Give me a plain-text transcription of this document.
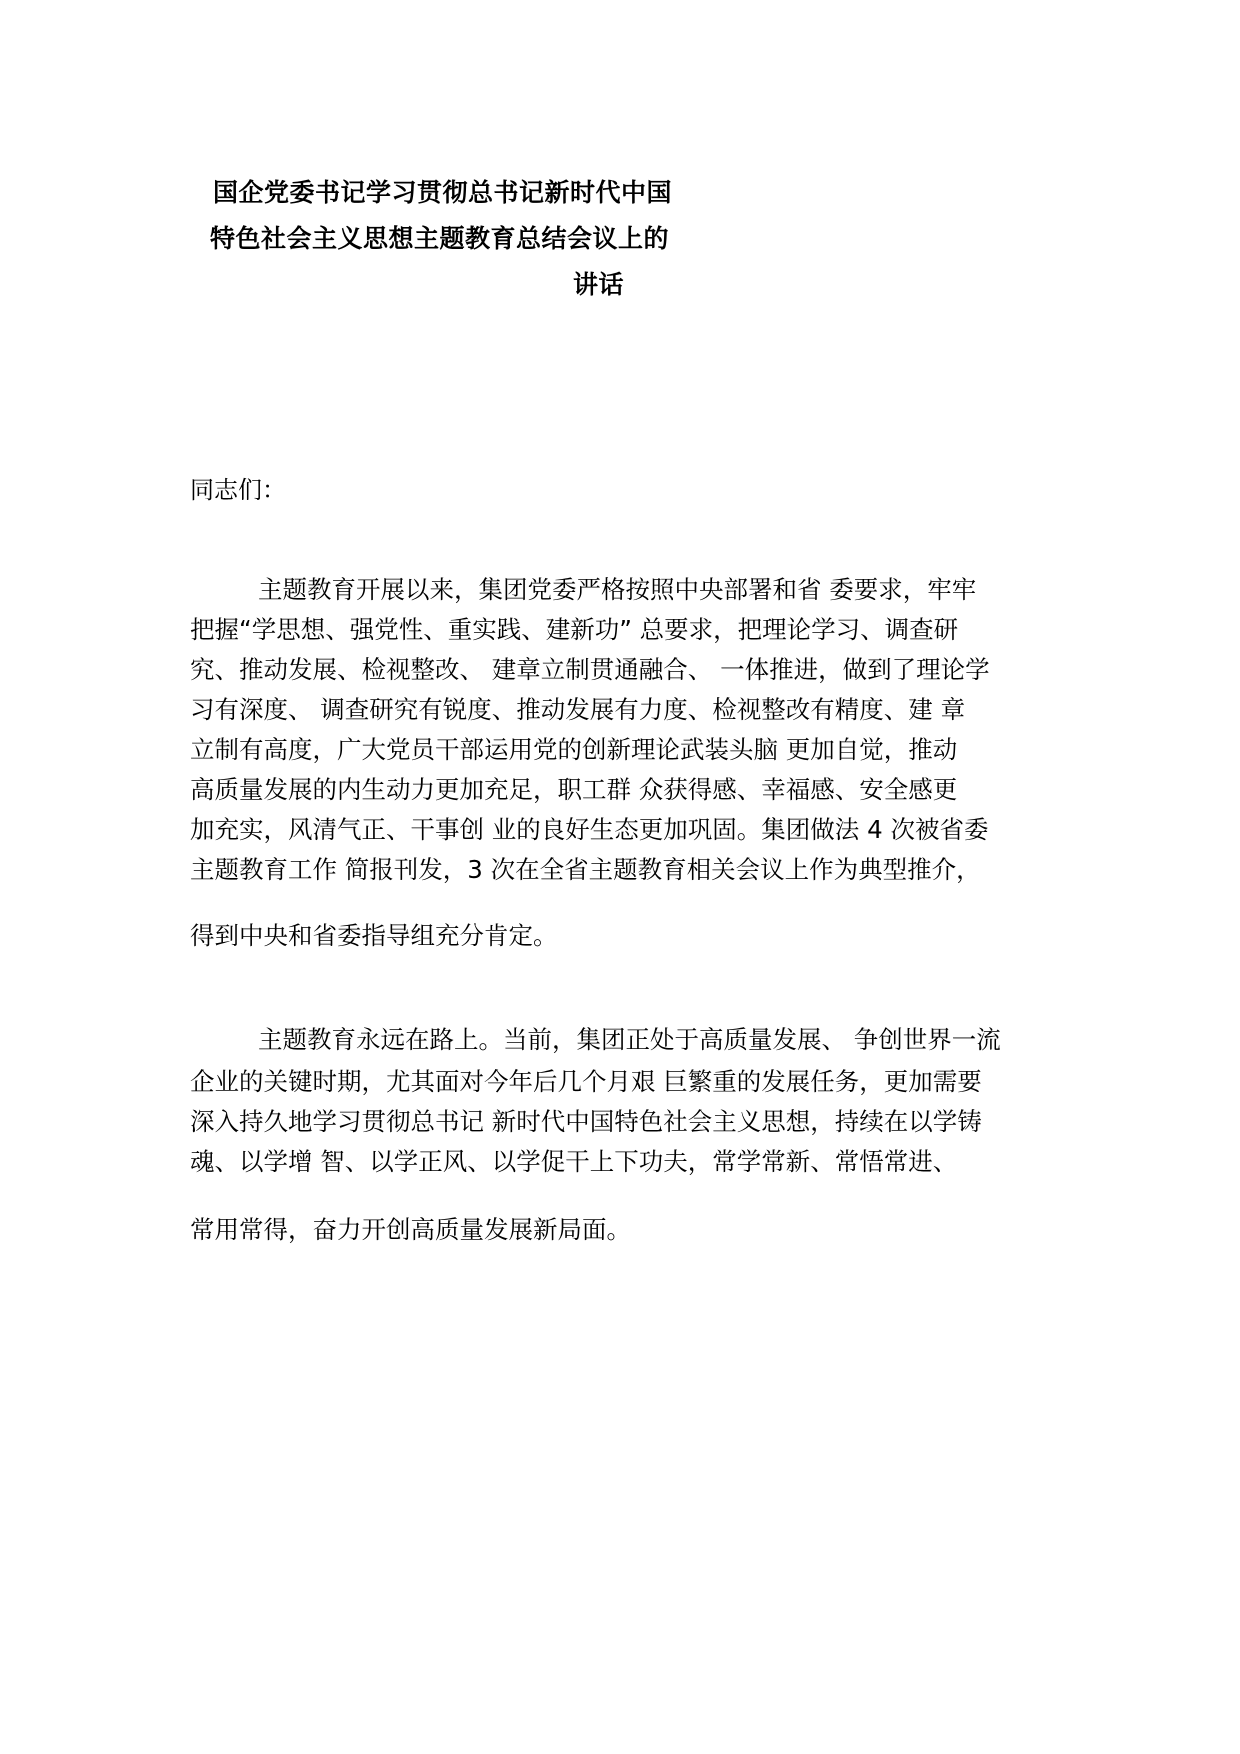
国企党委书记学习贯彻总书记新时代中国
特色社会主义思想主题教育总结会议上的
讲话
同志们：
主题教育开展以来，集团党委严格按照中央部署和省 委要求，牢牢
把握“学思想、强党性、重实践、建新功” 总要求，把理论学习、调查研
究、推动发展、检视整改、 建章立制贯通融合、 一体推进，做到了理论学
习有深度、 调查研究有锐度、推动发展有力度、检视整改有精度、建 章
立制有高度，广大党员干部运用党的创新理论武装头脑 更加自觉，推动
高质量发展的内生动力更加充足，职工群 众获得感、幸福感、安全感更
加充实，风清气正、干事创 业的良好生态更加巩固。集团做法 4 次被省委
主题教育工作 简报刊发，3 次在全省主题教育相关会议上作为典型推介，
得到中央和省委指导组充分肯定。
主题教育永远在路上。当前，集团正处于高质量发展、 争创世界一流
企业的关键时期，尤其面对今年后几个月艰 巨繁重的发展任务，更加需要
深入持久地学习贯彻总书记 新时代中国特色社会主义思想，持续在以学铸
魂、以学增 智、以学正风、以学促干上下功夫，常学常新、常悟常进、
常用常得，奋力开创高质量发展新局面。
